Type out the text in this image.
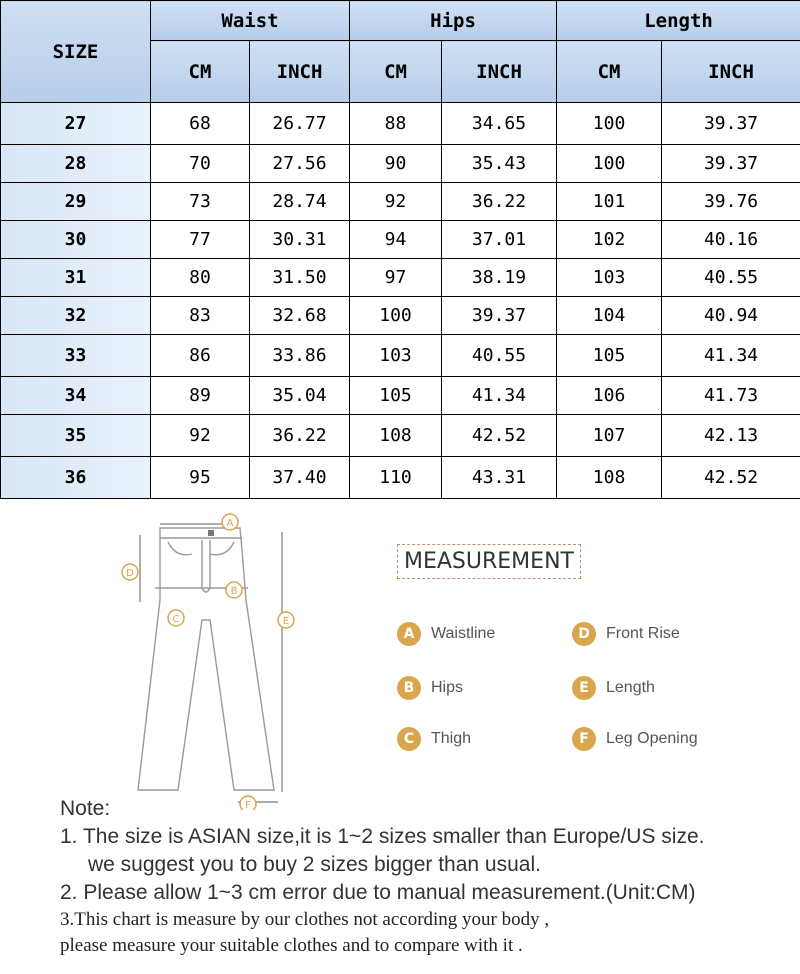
SIZE	Waist		Hips		Length	
	CM	INCH	CM	INCH	CM	INCH
27	68	26.77	88	34.65	100	39.37
28	70	27.56	90	35.43	100	39.37
29	73	28.74	92	36.22	101	39.76
30	77	30.31	94	37.01	102	40.16
31	80	31.50	97	38.19	103	40.55
32	83	32.68	100	39.37	104	40.94
33	86	33.86	103	40.55	105	41.34
34	89	35.04	105	41.34	106	41.73
35	92	36.22	108	42.52	107	42.13
36	95	37.40	110	43.31	108	42.52
A
B
C
D
E
F
MEASUREMENT
A	Waistline	D	Front Rise
B	Hips	E	Length
C	Thigh	F	Leg Opening
Note:
1. The size is ASIAN size,it is 1~2 sizes smaller than Europe/US size.
we suggest you to buy 2 sizes bigger than usual.
2. Please allow 1~3 cm error due to manual measurement.(Unit:CM)
3.This chart is measure by our clothes not according your body ,
please measure your suitable clothes and to compare with it .
